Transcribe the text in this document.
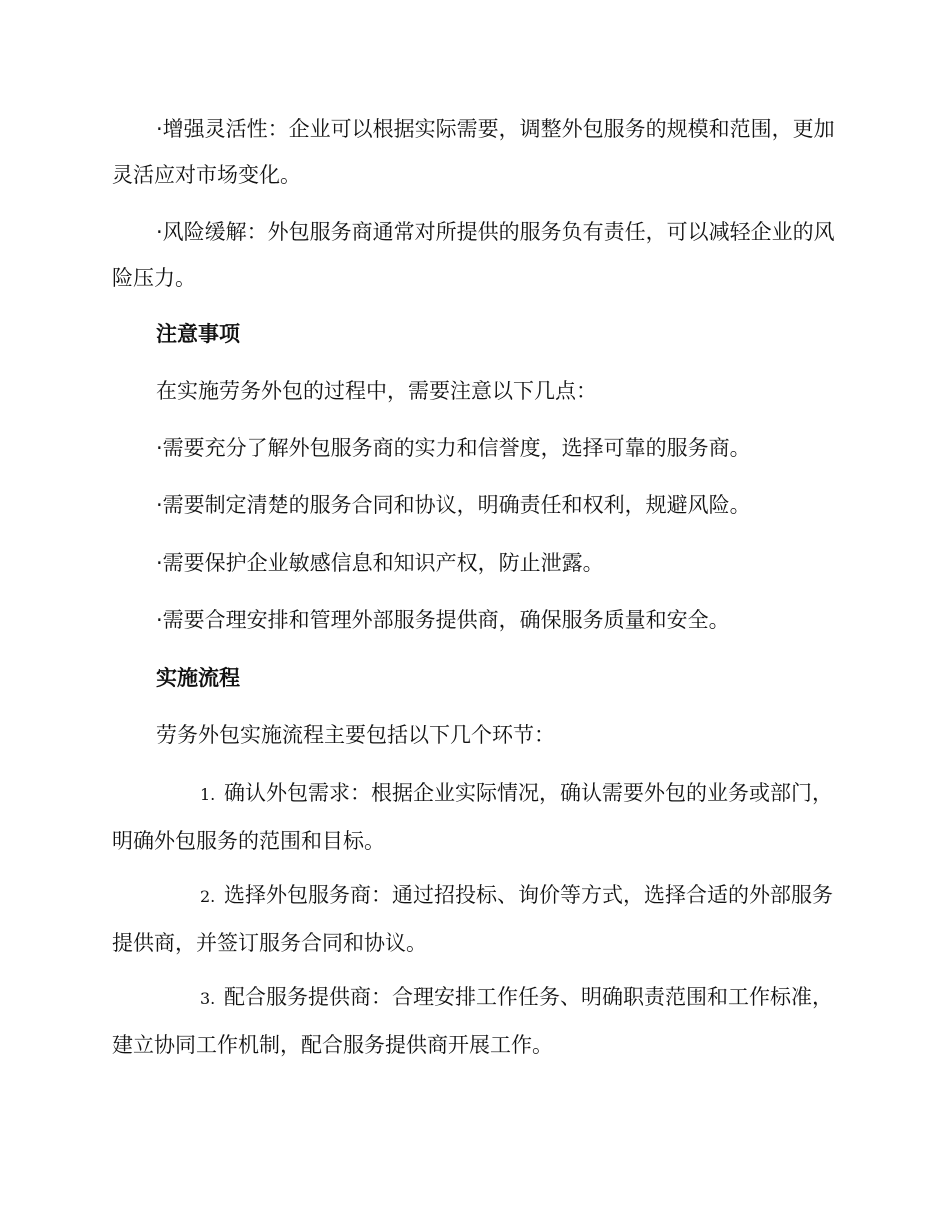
·增强灵活性：企业可以根据实际需要，调整外包服务的规模和范围，更加灵活应对市场变化。

·风险缓解：外包服务商通常对所提供的服务负有责任，可以减轻企业的风险压力。

注意事项

在实施劳务外包的过程中，需要注意以下几点：

·需要充分了解外包服务商的实力和信誉度，选择可靠的服务商。

·需要制定清楚的服务合同和协议，明确责任和权利，规避风险。

·需要保护企业敏感信息和知识产权，防止泄露。

·需要合理安排和管理外部服务提供商，确保服务质量和安全。

实施流程

劳务外包实施流程主要包括以下几个环节：

1. 确认外包需求：根据企业实际情况，确认需要外包的业务或部门，明确外包服务的范围和目标。

2. 选择外包服务商：通过招投标、询价等方式，选择合适的外部服务提供商，并签订服务合同和协议。

3. 配合服务提供商：合理安排工作任务、明确职责范围和工作标准，建立协同工作机制，配合服务提供商开展工作。
